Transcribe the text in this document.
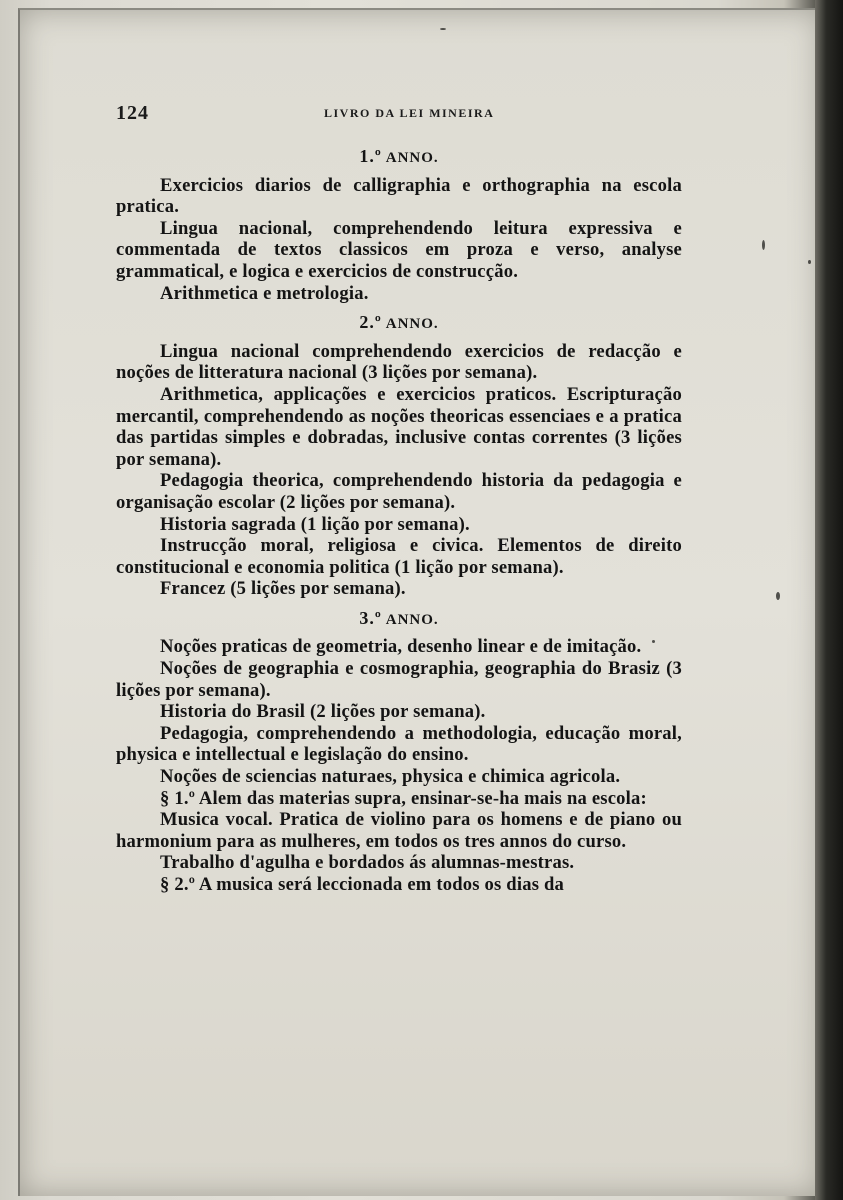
124	LIVRO DA LEI MINEIRA
1.º ANNO.

Exercicios diarios de calligraphia e orthographia na escola pratica.

Lingua nacional, comprehendendo leitura expressiva e commentada de textos classicos em proza e verso, analyse grammatical, e logica e exercicios de construcção.

Arithmetica e metrologia.

2.º ANNO.

Lingua nacional comprehendendo exercicios de redacção e noções de litteratura nacional (3 lições por semana).

Arithmetica, applicações e exercicios praticos. Escripturação mercantil, comprehendendo as noções theoricas essenciaes e a pratica das partidas simples e dobradas, inclusive contas correntes (3 lições por semana).

Pedagogia theorica, comprehendendo historia da pedagogia e organisação escolar (2 lições por semana).

Historia sagrada (1 lição por semana).

Instrucção moral, religiosa e civica. Elementos de direito constitucional e economia politica (1 lição por semana).

Francez (5 lições por semana).

3.º ANNO.

Noções praticas de geometria, desenho linear e de imitação.

Noções de geographia e cosmographia, geographia do Brasiz (3 lições por semana).

Historia do Brasil (2 lições por semana).

Pedagogia, comprehendendo a methodologia, educação moral, physica e intellectual e legislação do ensino.

Noções de sciencias naturaes, physica e chimica agricola.

§ 1.º Alem das materias supra, ensinar-se-ha mais na escola:

Musica vocal. Pratica de violino para os homens e de piano ou harmonium para as mulheres, em todos os tres annos do curso.

Trabalho d'agulha e bordados ás alumnas-mestras.

§ 2.º A musica será leccionada em todos os dias da
